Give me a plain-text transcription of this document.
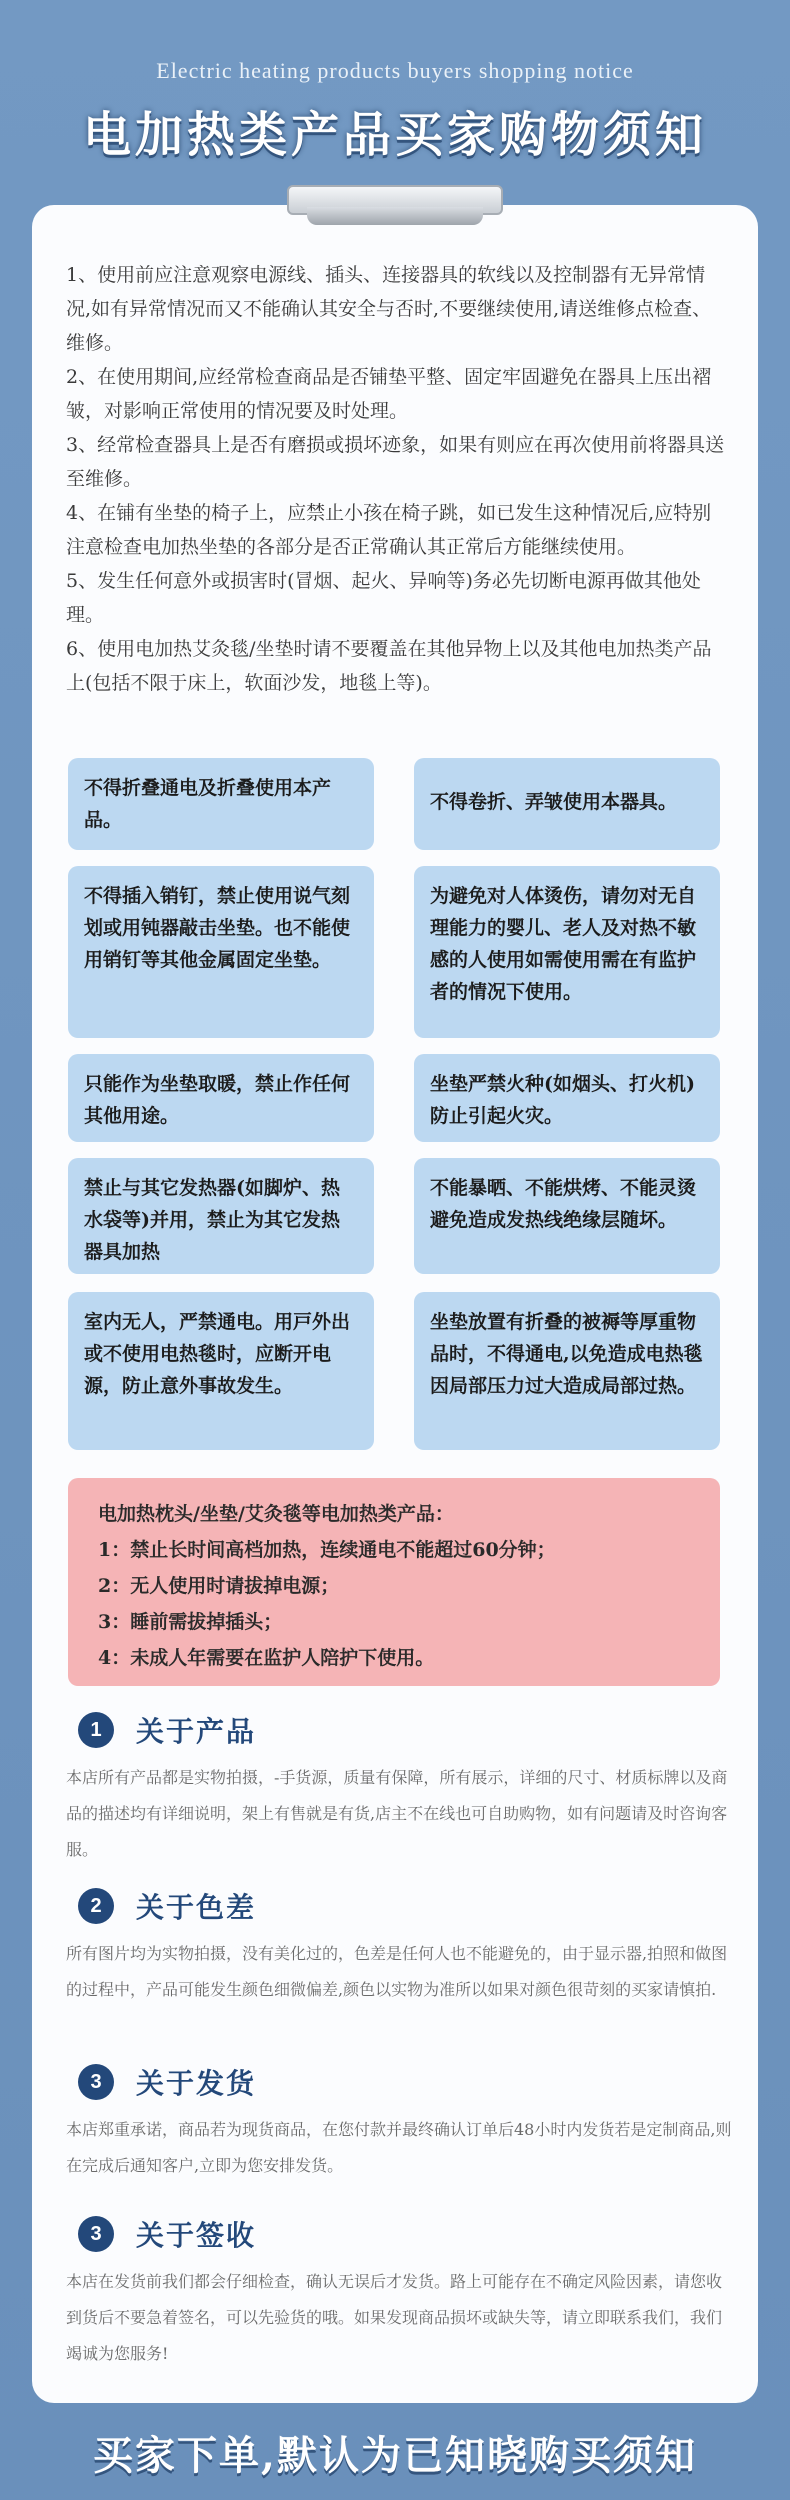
Electric heating products buyers shopping notice
电加热类产品买家购物须知

1、使用前应注意观察电源线、插头、连接器具的软线以及控制器有无异常情况,如有异常情况而又不能确认其安全与否时,不要继续使用,请送维修点检查、维修。

2、在使用期间,应经常检查商品是否铺垫平整、固定牢固避免在器具上压出褶皱，对影响正常使用的情况要及时处理。

3、经常检查器具上是否有磨损或损坏迹象，如果有则应在再次使用前将器具送至维修。

4、在铺有坐垫的椅子上，应禁止小孩在椅子跳，如已发生这种情况后,应特别注意检查电加热坐垫的各部分是否正常确认其正常后方能继续使用。

5、发生任何意外或损害时(冒烟、起火、异响等)务必先切断电源再做其他处理。

6、使用电加热艾灸毯/坐垫时请不要覆盖在其他异物上以及其他电加热类产品上(包括不限于床上，软面沙发，地毯上等)。

不得折叠通电及折叠使用本产品。
不得卷折、弄皱使用本器具。
不得插入销钉，禁止使用说气刻划或用钝器敲击坐垫。也不能使用销钉等其他金属固定坐垫。
为避免对人体烫伤，请勿对无自理能力的婴儿、老人及对热不敏感的人使用如需使用需在有监护者的情况下使用。
只能作为坐垫取暖，禁止作任何其他用途。
坐垫严禁火种(如烟头、打火机)防止引起火灾。
禁止与其它发热器(如脚炉、热水袋等)并用，禁止为其它发热器具加热
不能暴晒、不能烘烤、不能灵烫避免造成发热线绝缘层随坏。
室内无人，严禁通电。用戸外出或不使用电热毯时，应断开电源，防止意外事故发生。
坐垫放置有折叠的被褥等厚重物品时，不得通电,以免造成电热毯因局部压力过大造成局部过热。

电加热枕头/坐垫/艾灸毯等电加热类产品：

1：禁止长时间高档加热，连续通电不能超过60分钟；

2：无人使用时请拔掉电源；

3：睡前需拔掉插头；

4：未成人年需要在监护人陪护下使用。

1	关于产品
本店所有产品都是实物拍摄，-手货源，质量有保障，所有展示，详细的尺寸、材质标牌以及商品的描述均有详细说明，架上有售就是有货,店主不在线也可自助购物，如有问题请及时咨询客服。
2	关于色差
所有图片均为实物拍摄，没有美化过的，色差是任何人也不能避免的，由于显示器,拍照和做图的过程中，产品可能发生颜色细微偏差,颜色以实物为准所以如果对颜色很苛刻的买家请慎拍.
3	关于发货
本店郑重承诺，商品若为现货商品，在您付款并最终确认订单后48小时内发货若是定制商品,则在完成后通知客户,立即为您安排发货。
3	关于签收
本店在发货前我们都会仔细检查，确认无误后才发货。路上可能存在不确定风险因素，请您收到货后不要急着签名，可以先验货的哦。如果发现商品损坏或缺失等，请立即联系我们，我们竭诚为您服务!
买家下单,默认为已知晓购买须知
